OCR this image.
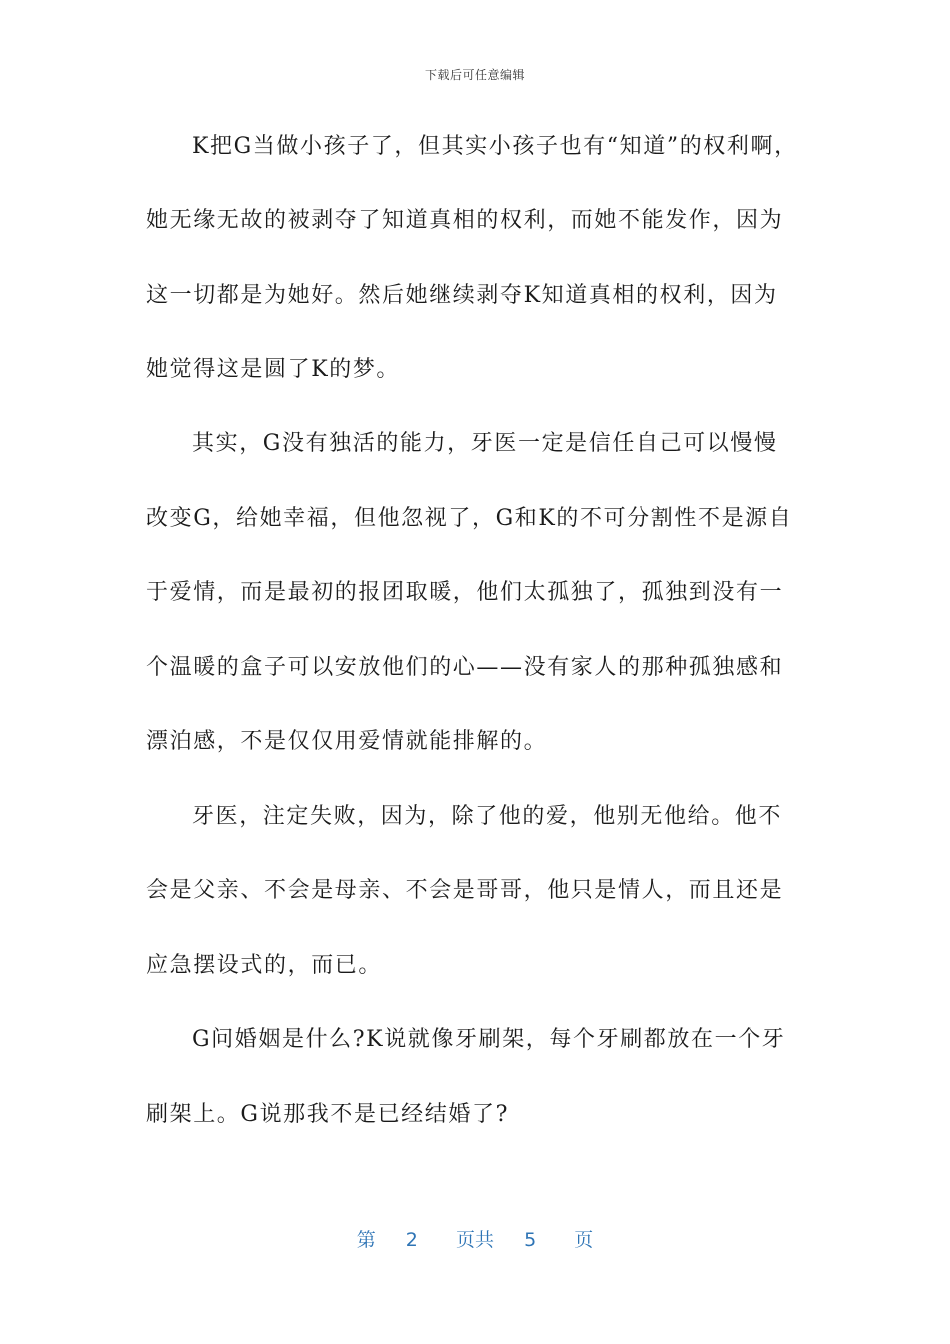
下载后可任意编辑
K把G当做小孩子了，但其实小孩子也有“知道”的权利啊，
她无缘无故的被剥夺了知道真相的权利，而她不能发作，因为
这一切都是为她好。然后她继续剥夺K知道真相的权利，因为
她觉得这是圆了K的梦。
其实，G没有独活的能力，牙医一定是信任自己可以慢慢
改变G，给她幸福，但他忽视了，G和K的不可分割性不是源自
于爱情，而是最初的报团取暖，他们太孤独了，孤独到没有一
个温暖的盒子可以安放他们的心——没有家人的那种孤独感和
漂泊感，不是仅仅用爱情就能排解的。
牙医，注定失败，因为，除了他的爱，他别无他给。他不
会是父亲、不会是母亲、不会是哥哥，他只是情人，而且还是
应急摆设式的，而已。
G问婚姻是什么?K说就像牙刷架，每个牙刷都放在一个牙
刷架上。G说那我不是已经结婚了?
第 2 页共 5 页
